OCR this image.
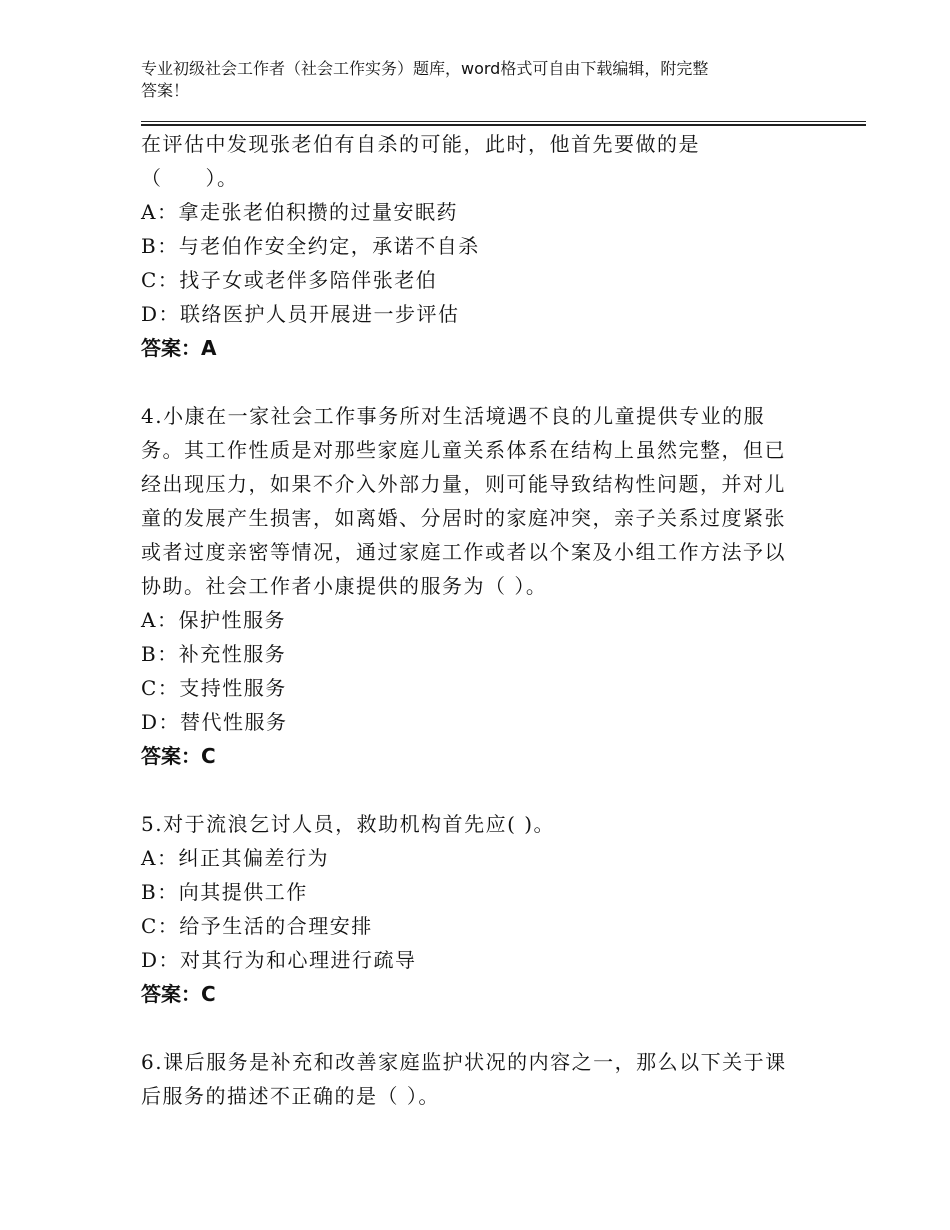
专业初级社会工作者（社会工作实务）题库，word格式可自由下载编辑，附完整
答案！
在评估中发现张老伯有自杀的可能，此时，他首先要做的是
（　　）。
A：拿走张老伯积攒的过量安眠药
B：与老伯作安全约定，承诺不自杀
C：找子女或老伴多陪伴张老伯
D：联络医护人员开展进一步评估
答案：A
4.小康在一家社会工作事务所对生活境遇不良的儿童提供专业的服
务。其工作性质是对那些家庭儿童关系体系在结构上虽然完整，但已
经出现压力，如果不介入外部力量，则可能导致结构性问题，并对儿
童的发展产生损害，如离婚、分居时的家庭冲突，亲子关系过度紧张
或者过度亲密等情况，通过家庭工作或者以个案及小组工作方法予以
协助。社会工作者小康提供的服务为（ ）。
A：保护性服务
B：补充性服务
C：支持性服务
D：替代性服务
答案：C
5.对于流浪乞讨人员，救助机构首先应( )。
A：纠正其偏差行为
B：向其提供工作
C：给予生活的合理安排
D：对其行为和心理进行疏导
答案：C
6.课后服务是补充和改善家庭监护状况的内容之一，那么以下关于课
后服务的描述不正确的是（ ）。
